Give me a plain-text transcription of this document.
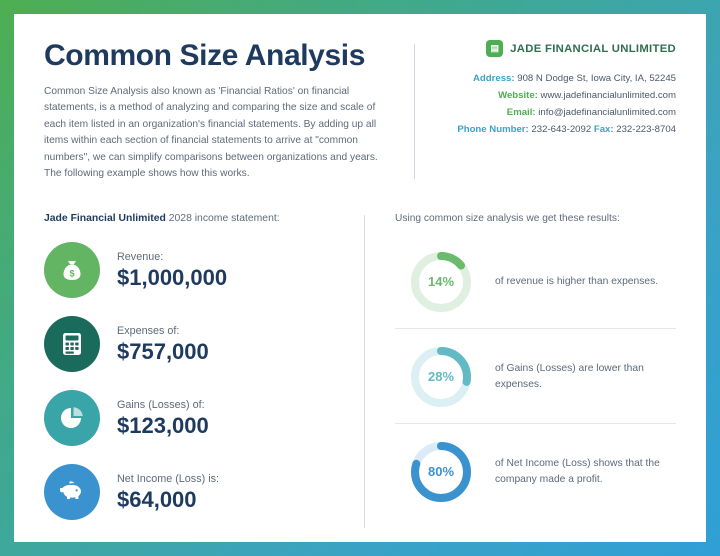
Common Size Analysis

Common Size Analysis also known as 'Financial Ratios' on financial statements, is a method of analyzing and comparing the size and scale of each item listed in an organization's financial statements. By adding up all items within each section of financial statements to arrive at "common numbers", we can simplify comparisons between organizations and years. The following example shows how this works.

▤ JADE FINANCIAL UNLIMITED
Address: 908 N Dodge St, Iowa City, IA, 52245
Website: www.jadefinancialunlimited.com
Email: info@jadefinancialunlimited.com
Phone Number: 232-643-2092 Fax: 232-223-8704
Jade Financial Unlimited 2028 income statement:
$
Revenue:
$1,000,000
Expenses of:
$757,000
Gains (Losses) of:
$123,000
Net Income (Loss) is:
$64,000
Using common size analysis we get these results:
14%	of revenue is higher than expenses.
28%
of Gains (Losses) are lower than expenses.
80%
of Net Income (Loss) shows that the company made a profit.
